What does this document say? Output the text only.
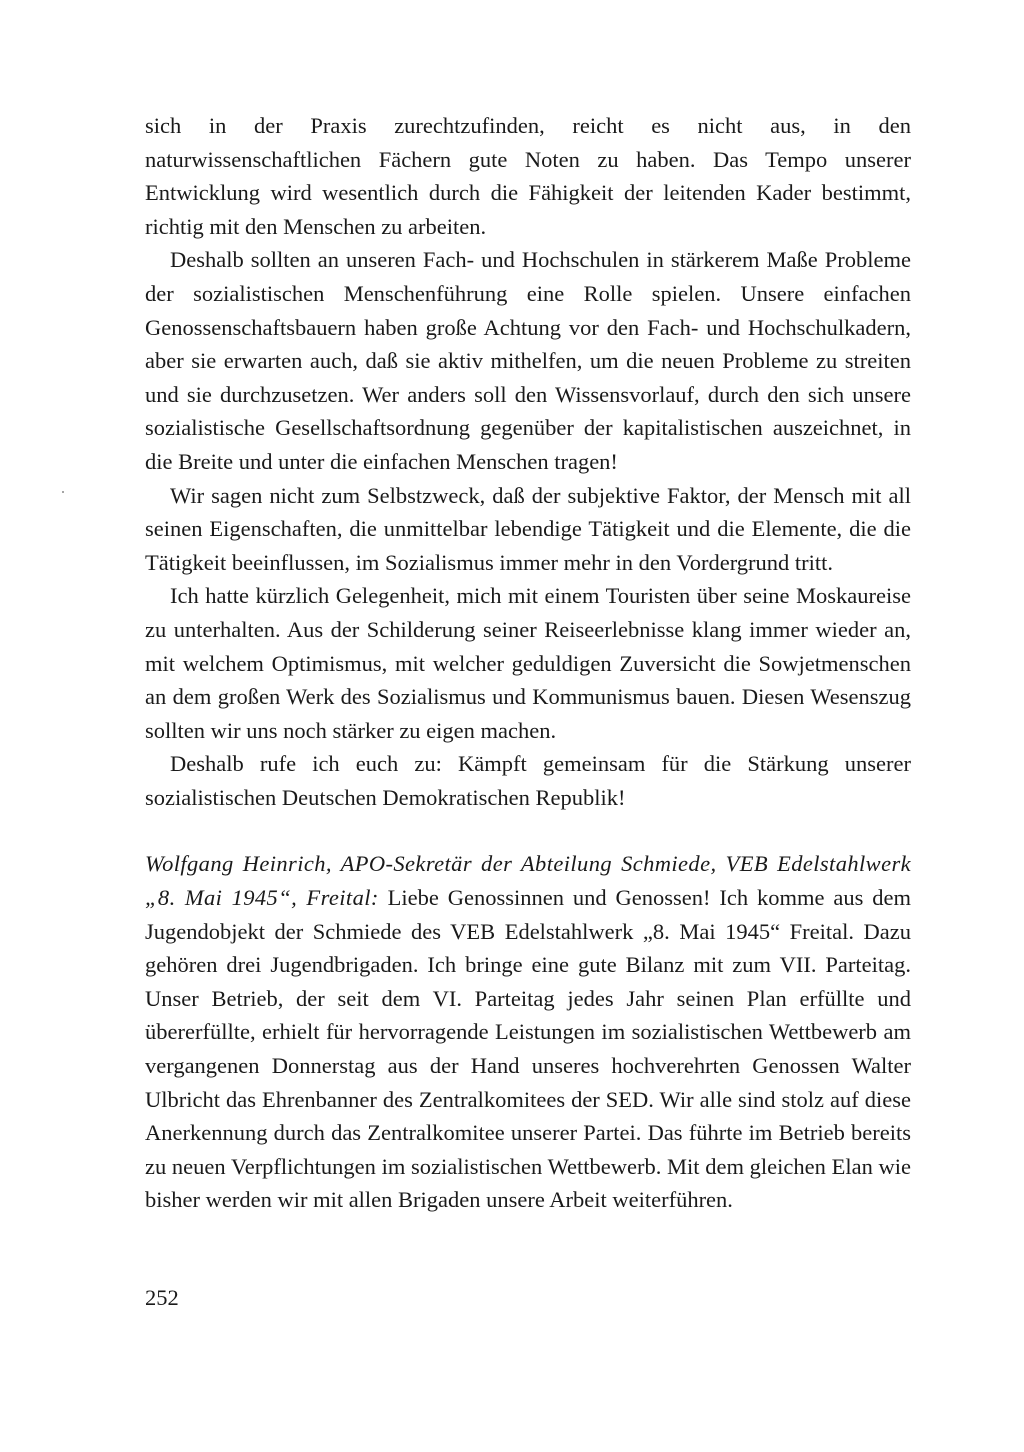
sich in der Praxis zurechtzufinden, reicht es nicht aus, in den naturwissenschaftlichen Fächern gute Noten zu haben. Das Tempo unserer Entwicklung wird wesentlich durch die Fähigkeit der leitenden Kader bestimmt, richtig mit den Menschen zu arbeiten.

Deshalb sollten an unseren Fach- und Hochschulen in stärkerem Maße Probleme der sozialistischen Menschenführung eine Rolle spielen. Unsere einfachen Genossenschaftsbauern haben große Achtung vor den Fach- und Hochschulkadern, aber sie erwarten auch, daß sie aktiv mithelfen, um die neuen Probleme zu streiten und sie durchzusetzen. Wer anders soll den Wissensvorlauf, durch den sich unsere sozialistische Gesellschaftsordnung gegenüber der kapitalistischen auszeichnet, in die Breite und unter die einfachen Menschen tragen!

Wir sagen nicht zum Selbstzweck, daß der subjektive Faktor, der Mensch mit all seinen Eigenschaften, die unmittelbar lebendige Tätigkeit und die Elemente, die die Tätigkeit beeinflussen, im Sozialismus immer mehr in den Vordergrund tritt.

Ich hatte kürzlich Gelegenheit, mich mit einem Touristen über seine Moskaureise zu unterhalten. Aus der Schilderung seiner Reiseerlebnisse klang immer wieder an, mit welchem Optimismus, mit welcher geduldigen Zuversicht die Sowjetmenschen an dem großen Werk des Sozialismus und Kommunismus bauen. Diesen Wesenszug sollten wir uns noch stärker zu eigen machen.

Deshalb rufe ich euch zu: Kämpft gemeinsam für die Stärkung unserer sozialistischen Deutschen Demokratischen Republik!

Wolfgang Heinrich, APO-Sekretär der Abteilung Schmiede, VEB Edelstahlwerk „8. Mai 1945“, Freital: Liebe Genossinnen und Genossen! Ich komme aus dem Jugendobjekt der Schmiede des VEB Edelstahlwerk „8. Mai 1945“ Freital. Dazu gehören drei Jugendbrigaden. Ich bringe eine gute Bilanz mit zum VII. Parteitag. Unser Betrieb, der seit dem VI. Parteitag jedes Jahr seinen Plan erfüllte und übererfüllte, erhielt für hervorragende Leistungen im sozialistischen Wettbewerb am vergangenen Donnerstag aus der Hand unseres hochverehrten Genossen Walter Ulbricht das Ehrenbanner des Zentralkomitees der SED. Wir alle sind stolz auf diese Anerkennung durch das Zentralkomitee unserer Partei. Das führte im Betrieb bereits zu neuen Verpflichtungen im sozialistischen Wettbewerb. Mit dem gleichen Elan wie bisher werden wir mit allen Brigaden unsere Arbeit weiterführen.

252
